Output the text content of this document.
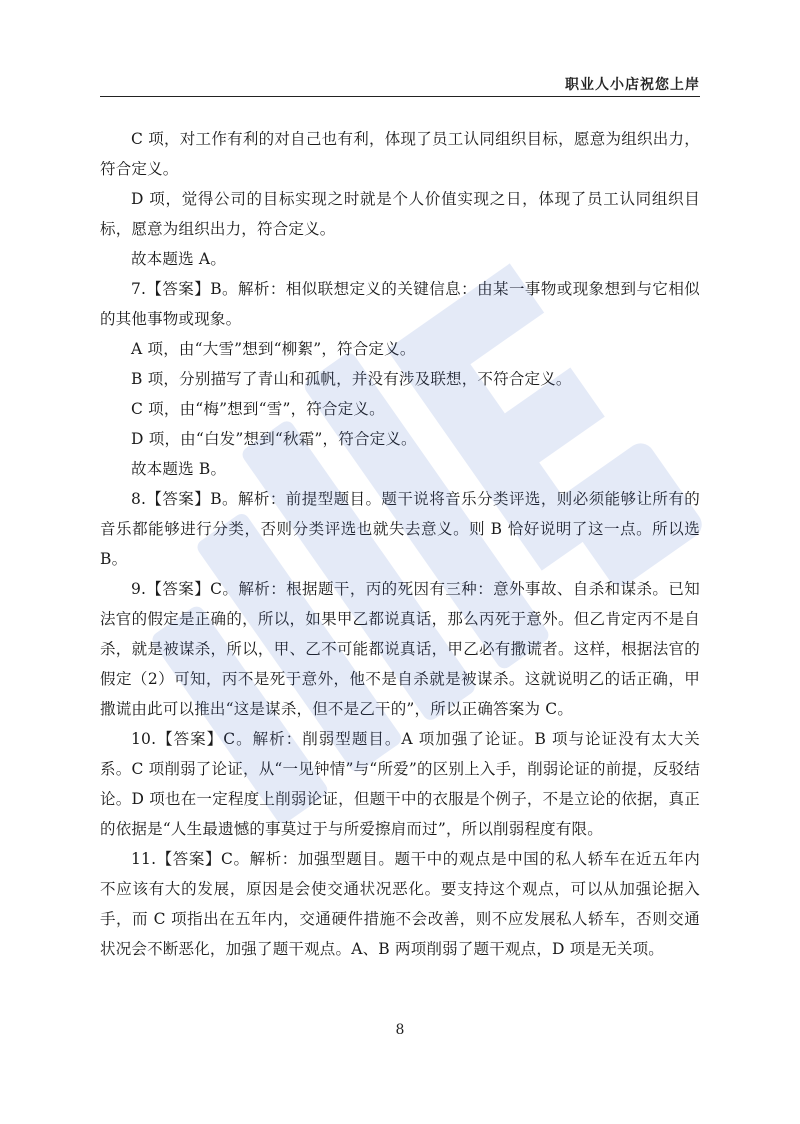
职业人小店祝您上岸

C 项，对工作有利的对自己也有利，体现了员工认同组织目标，愿意为组织出力，符合定义。

D 项，觉得公司的目标实现之时就是个人价值实现之日，体现了员工认同组织目标，愿意为组织出力，符合定义。

故本题选 A。

7.【答案】B。解析：相似联想定义的关键信息：由某一事物或现象想到与它相似的其他事物或现象。

A 项，由“大雪”想到“柳絮”，符合定义。

B 项，分别描写了青山和孤帆，并没有涉及联想，不符合定义。

C 项，由“梅”想到“雪”，符合定义。

D 项，由“白发”想到“秋霜”，符合定义。

故本题选 B。

8.【答案】B。解析：前提型题目。题干说将音乐分类评选，则必须能够让所有的音乐都能够进行分类，否则分类评选也就失去意义。则 B 恰好说明了这一点。所以选 B。

9.【答案】C。解析：根据题干，丙的死因有三种：意外事故、自杀和谋杀。已知法官的假定是正确的，所以，如果甲乙都说真话，那么丙死于意外。但乙肯定丙不是自杀，就是被谋杀，所以，甲、乙不可能都说真话，甲乙必有撒谎者。这样，根据法官的假定（2）可知，丙不是死于意外，他不是自杀就是被谋杀。这就说明乙的话正确，甲撒谎由此可以推出“这是谋杀，但不是乙干的”，所以正确答案为 C。

10.【答案】C。解析：削弱型题目。A 项加强了论证。B 项与论证没有太大关系。C 项削弱了论证，从“一见钟情”与“所爱”的区别上入手，削弱论证的前提，反驳结论。D 项也在一定程度上削弱论证，但题干中的衣服是个例子，不是立论的依据，真正的依据是“人生最遗憾的事莫过于与所爱擦肩而过”，所以削弱程度有限。

11.【答案】C。解析：加强型题目。题干中的观点是中国的私人轿车在近五年内不应该有大的发展，原因是会使交通状况恶化。要支持这个观点，可以从加强论据入手，而 C 项指出在五年内，交通硬件措施不会改善，则不应发展私人轿车，否则交通状况会不断恶化，加强了题干观点。A、B 两项削弱了题干观点，D 项是无关项。

8
